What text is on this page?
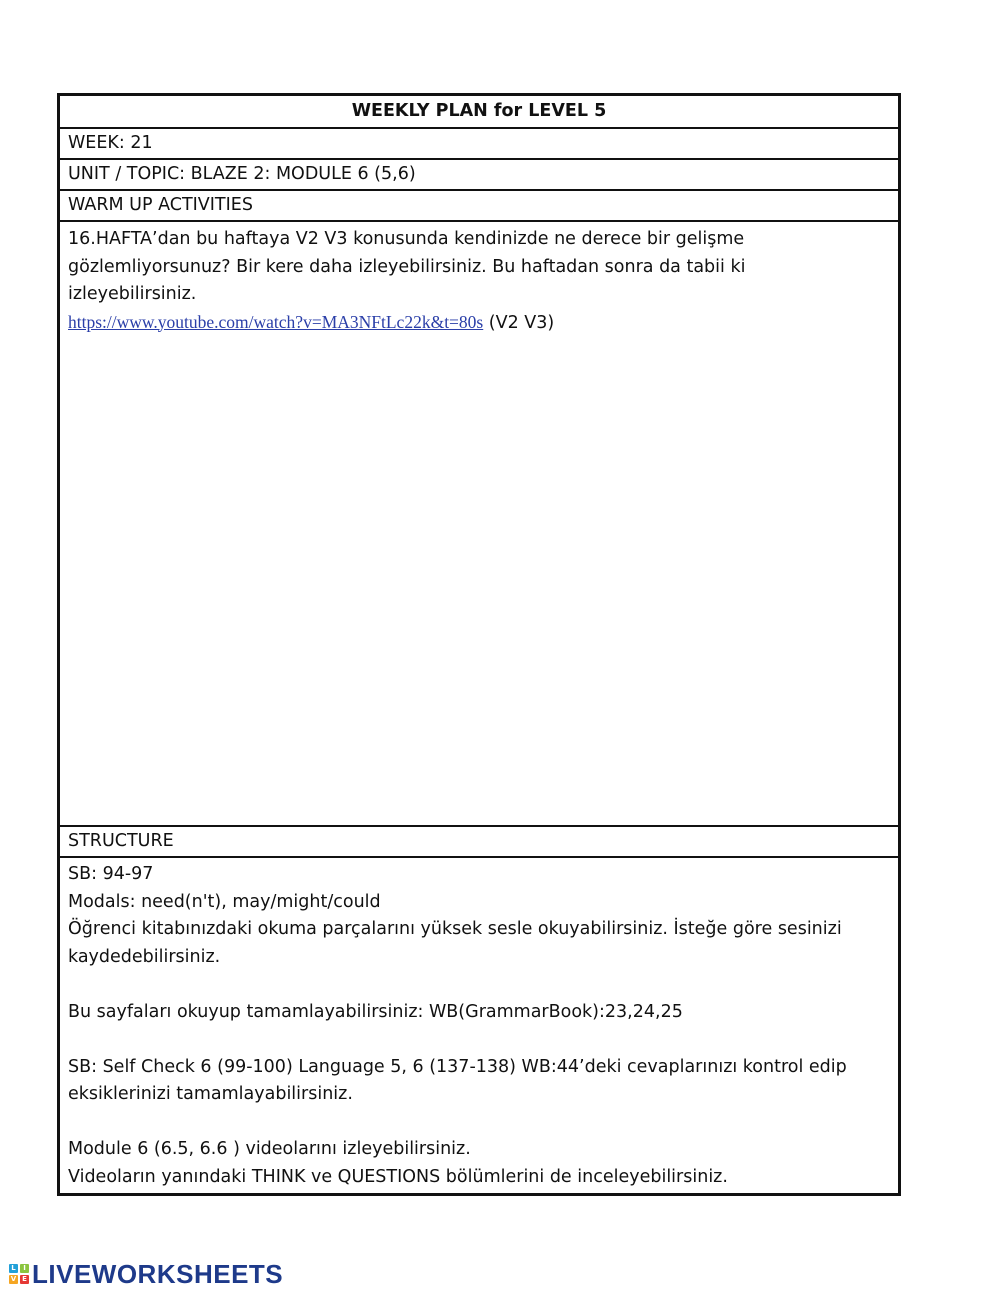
WEEKLY PLAN for LEVEL 5
WEEK: 21
UNIT / TOPIC: BLAZE 2: MODULE 6 (5,6)
WARM UP ACTIVITIES
16.HAFTA’dan bu haftaya V2 V3 konusunda kendinizde ne derece bir gelişme
gözlemliyorsunuz? Bir kere daha izleyebilirsiniz. Bu haftadan sonra da tabii ki
izleyebilirsiniz.
https://www.youtube.com/watch?v=MA3NFtLc22k&t=80s (V2 V3)
STRUCTURE
SB: 94-97
Modals: need(n't), may/might/could
Öğrenci kitabınızdaki okuma parçalarını yüksek sesle okuyabilirsiniz. İsteğe göre sesinizi
kaydedebilirsiniz.
Bu sayfaları okuyup tamamlayabilirsiniz: WB(GrammarBook):23,24,25
SB: Self Check 6 (99-100) Language 5, 6 (137-138) WB:44’deki cevaplarınızı kontrol edip
eksiklerinizi tamamlayabilirsiniz.
Module 6 (6.5, 6.6 ) videolarını izleyebilirsiniz.
Videoların yanındaki THINK ve QUESTIONS bölümlerini de inceleyebilirsiniz.
L	I
V E LIVEWORKSHEETS
